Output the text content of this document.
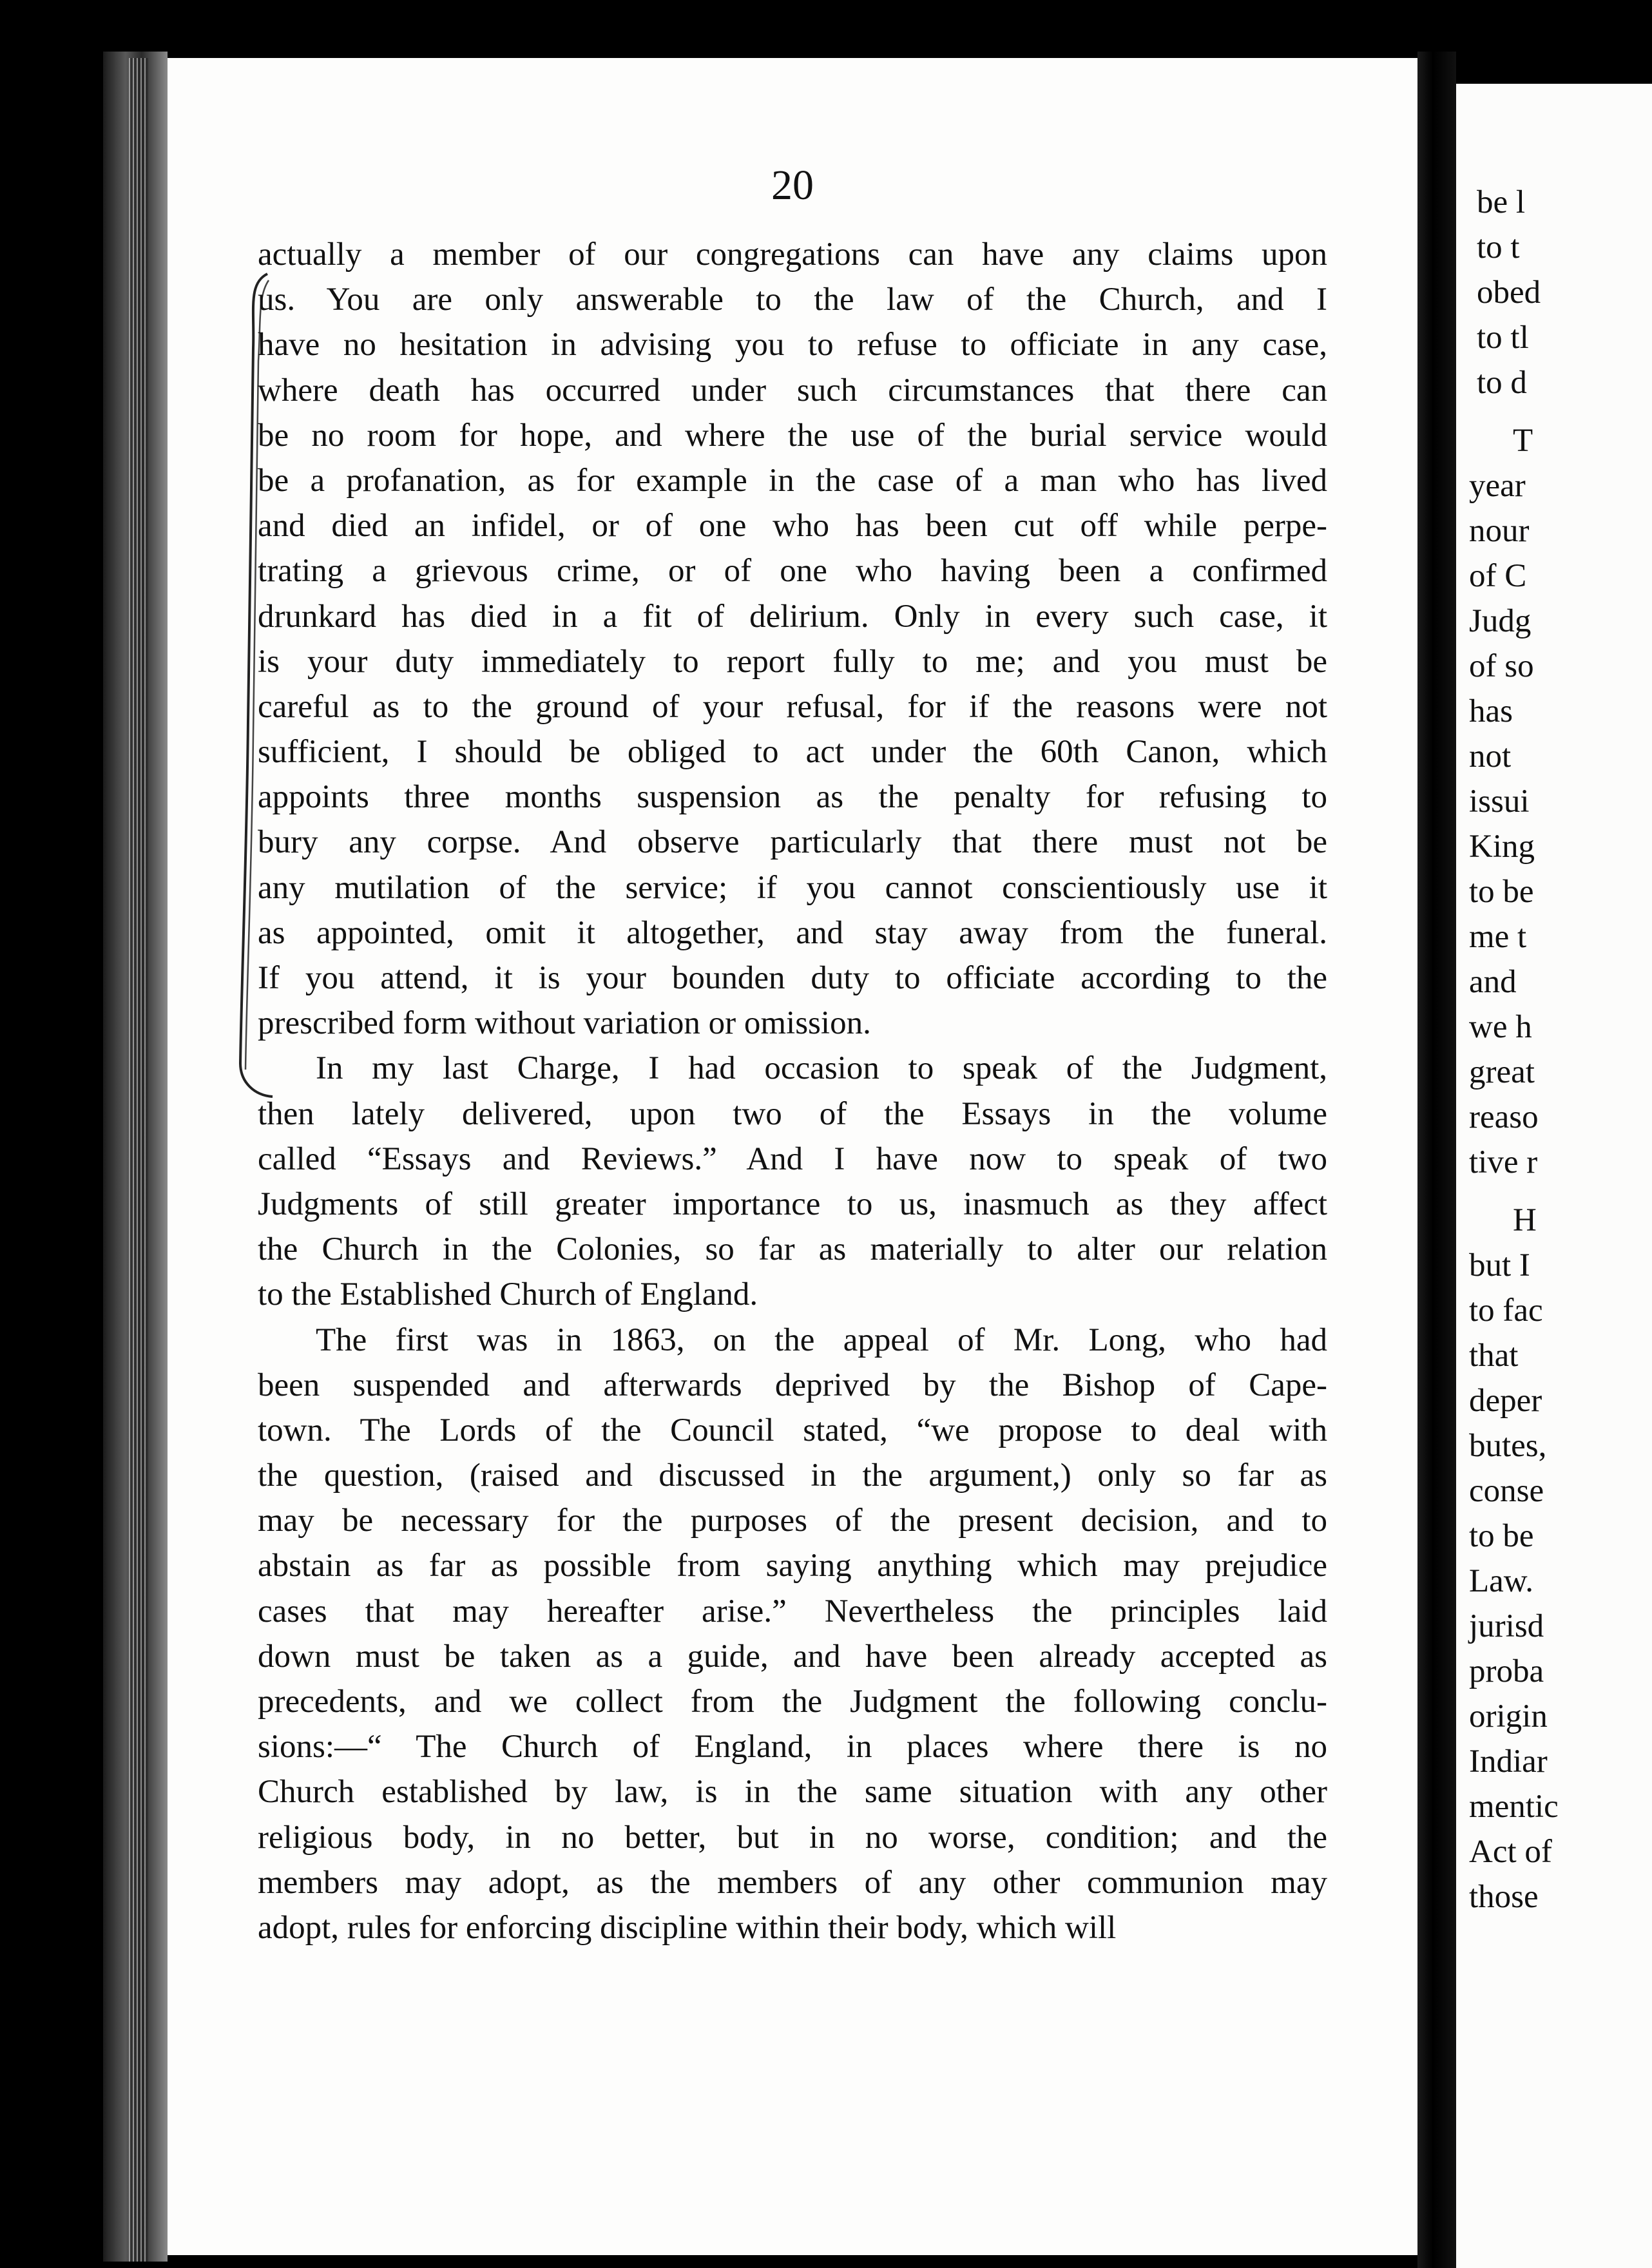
20
actually a member of our congregations can have any claims upon
us. You are only answerable to the law of the Church, and I
have no hesitation in advising you to refuse to officiate in any case,
where death has occurred under such circumstances that there can
be no room for hope, and where the use of the burial service would
be a profanation, as for example in the case of a man who has lived
and died an infidel, or of one who has been cut off while perpe-
trating a grievous crime, or of one who having been a confirmed
drunkard has died in a fit of delirium. Only in every such case, it
is your duty immediately to report fully to me; and you must be
careful as to the ground of your refusal, for if the reasons were not
sufficient, I should be obliged to act under the 60th Canon, which
appoints three months suspension as the penalty for refusing to
bury any corpse. And observe particularly that there must not be
any mutilation of the service; if you cannot conscientiously use it
as appointed, omit it altogether, and stay away from the funeral.
If you attend, it is your bounden duty to officiate according to the
prescribed form without variation or omission.
In my last Charge, I had occasion to speak of the Judgment,
then lately delivered, upon two of the Essays in the volume
called “Essays and Reviews.” And I have now to speak of two
Judgments of still greater importance to us, inasmuch as they affect
the Church in the Colonies, so far as materially to alter our relation
to the Established Church of England.
The first was in 1863, on the appeal of Mr. Long, who had
been suspended and afterwards deprived by the Bishop of Cape-
town. The Lords of the Council stated, “we propose to deal with
the question, (raised and discussed in the argument,) only so far as
may be necessary for the purposes of the present decision, and to
abstain as far as possible from saying anything which may prejudice
cases that may hereafter arise.” Nevertheless the principles laid
down must be taken as a guide, and have been already accepted as
precedents, and we collect from the Judgment the following conclu-
sions:—“ The Church of England, in places where there is no
Church established by law, is in the same situation with any other
religious body, in no better, but in no worse, condition; and the
members may adopt, as the members of any other communion may
adopt, rules for enforcing discipline within their body, which will
be l
to t
obed
to tl
to d
T
year
nour
of C
Judg
of so
has
not
issui
King
to be
me t
and
we h
great
reaso
tive r
H
but I
to fac
that
deper
butes,
conse
to be
Law.
jurisd
proba
origin
Indiar
mentic
Act of
those
